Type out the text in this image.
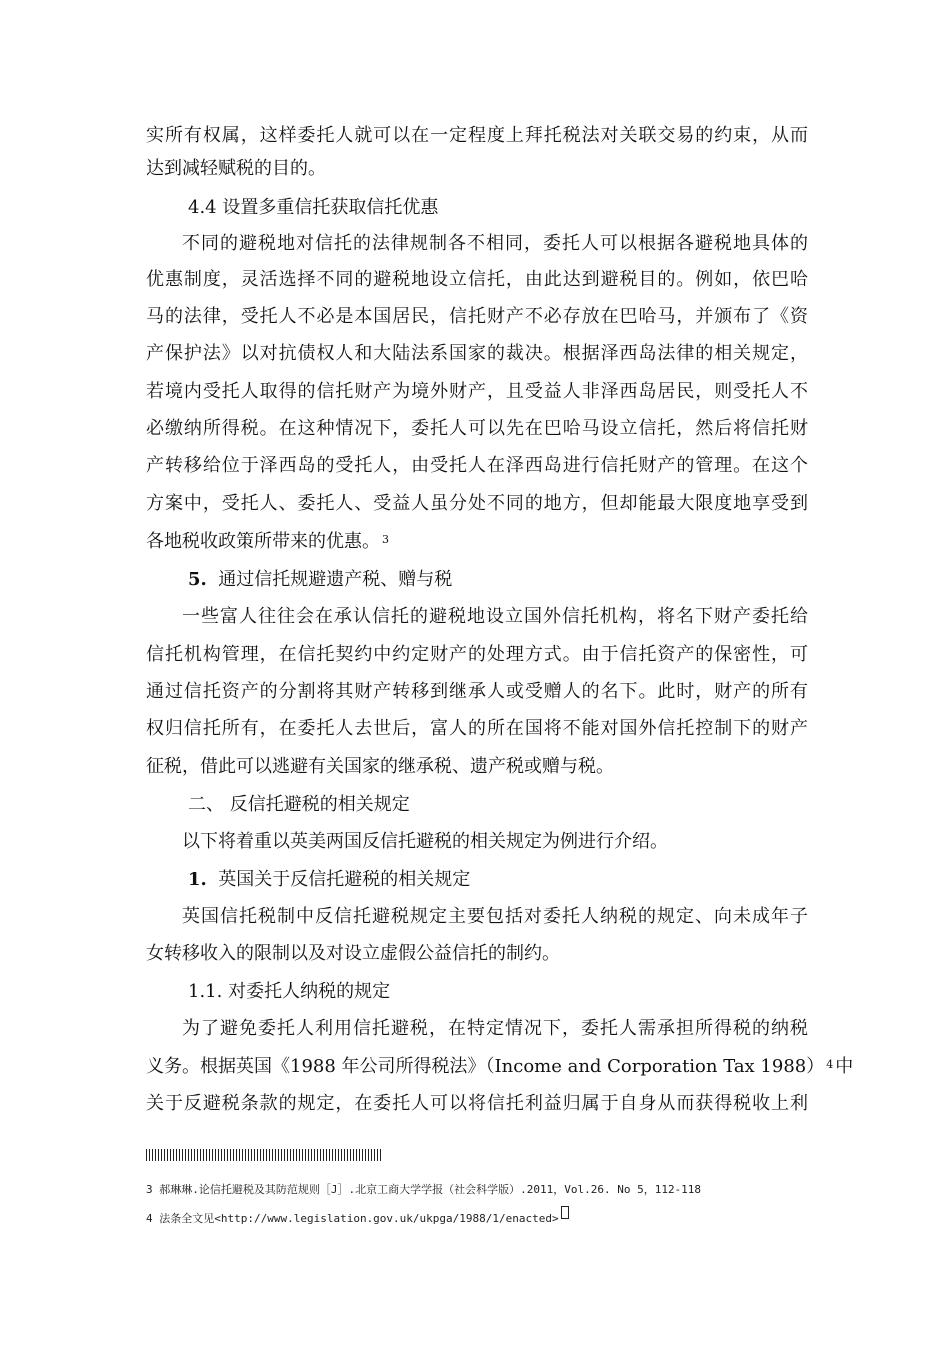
实所有权属，这样委托人就可以在一定程度上拜托税法对关联交易的约束，从而
达到减轻赋税的目的。
4.4 设置多重信托获取信托优惠
不同的避税地对信托的法律规制各不相同，委托人可以根据各避税地具体的
优惠制度，灵活选择不同的避税地设立信托，由此达到避税目的。例如，依巴哈
马的法律，受托人不必是本国居民，信托财产不必存放在巴哈马，并颁布了《资
产保护法》以对抗债权人和大陆法系国家的裁决。根据泽西岛法律的相关规定，
若境内受托人取得的信托财产为境外财产，且受益人非泽西岛居民，则受托人不
必缴纳所得税。在这种情况下，委托人可以先在巴哈马设立信托，然后将信托财
产转移给位于泽西岛的受托人，由受托人在泽西岛进行信托财产的管理。在这个
方案中，受托人、委托人、受益人虽分处不同的地方，但却能最大限度地享受到
各地税收政策所带来的优惠。 $^3$
5. 通过信托规避遗产税、赠与税
一些富人往往会在承认信托的避税地设立国外信托机构，将名下财产委托给
信托机构管理，在信托契约中约定财产的处理方式。由于信托资产的保密性，可
通过信托资产的分割将其财产转移到继承人或受赠人的名下。此时，财产的所有
权归信托所有，在委托人去世后，富人的所在国将不能对国外信托控制下的财产
征税，借此可以逃避有关国家的继承税、遗产税或赠与税。
二、 反信托避税的相关规定
以下将着重以英美两国反信托避税的相关规定为例进行介绍。
1. 英国关于反信托避税的相关规定
英国信托税制中反信托避税规定主要包括对委托人纳税的规定、向未成年子
女转移收入的限制以及对设立虚假公益信托的制约。
1.1. 对委托人纳税的规定
为了避免委托人利用信托避税，在特定情况下，委托人需承担所得税的纳税
义务。根据英国《1988 年公司所得税法》（Income and Corporation Tax 1988） $^4$ 中
关于反避税条款的规定，在委托人可以将信托利益归属于自身从而获得税收上利
3 郝琳琳.论信托避税及其防范规则［J］.北京工商大学学报（社会科学版）.2011，Vol.26. No 5，112-118
4 法条全文见<http://www.legislation.gov.uk/ukpga/1988/1/enacted>
